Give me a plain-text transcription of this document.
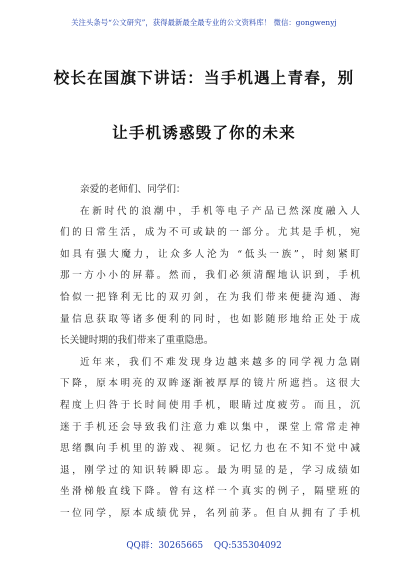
关注头条号“公文研究”，获得最新最全最专业的公文资料库！ 微信：gongwenyj
校长在国旗下讲话：当手机遇上青春，别
让手机诱惑毁了你的未来
亲爱的老师们、同学们：
在新时代的浪潮中，手机等电子产品已然深度融入人
们的日常生活，成为不可或缺的一部分。尤其是手机，宛
如具有强大魔力，让众多人沦为 “低头一族”，时刻紧盯
那一方小小的屏幕。然而，我们必须清醒地认识到，手机
恰似一把锋利无比的双刃剑，在为我们带来便捷沟通、海
量信息获取等诸多便利的同时，也如影随形地给正处于成
长关键时期的我们带来了重重隐患。
近年来，我们不难发现身边越来越多的同学视力急剧
下降，原本明亮的双眸逐渐被厚厚的镜片所遮挡。这很大
程度上归咎于长时间使用手机，眼睛过度疲劳。而且，沉
迷于手机还会导致我们注意力难以集中，课堂上常常走神
思绪飘向手机里的游戏、视频。记忆力也在不知不觉中减
退，刚学过的知识转瞬即忘。最为明显的是，学习成绩如
坐滑梯般直线下降。曾有这样一个真实的例子，隔壁班的
一位同学，原本成绩优异，名列前茅。但自从拥有了手机
QQ群：30265665 QQ:535304092
